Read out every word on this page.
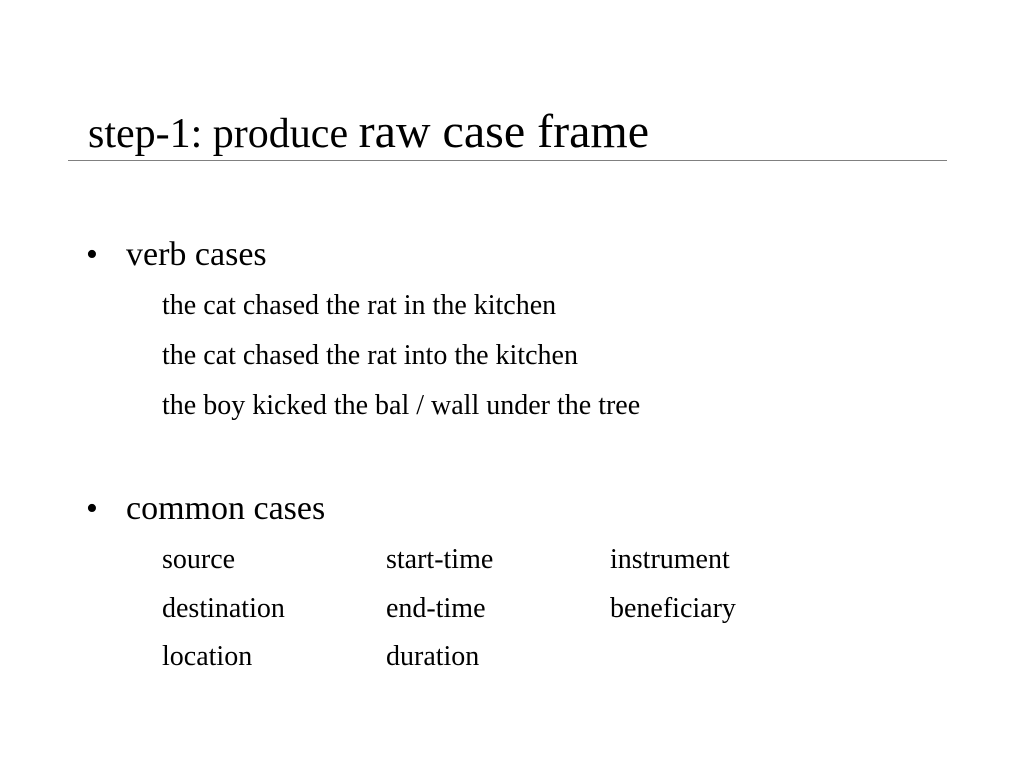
step-1: produce raw case frame
• verb cases
the cat chased the rat in the kitchen
the cat chased the rat into the kitchen
the boy kicked the bal / wall under the tree
• common cases
source	start-time	instrument
destination	end-time	beneficiary
location	duration
